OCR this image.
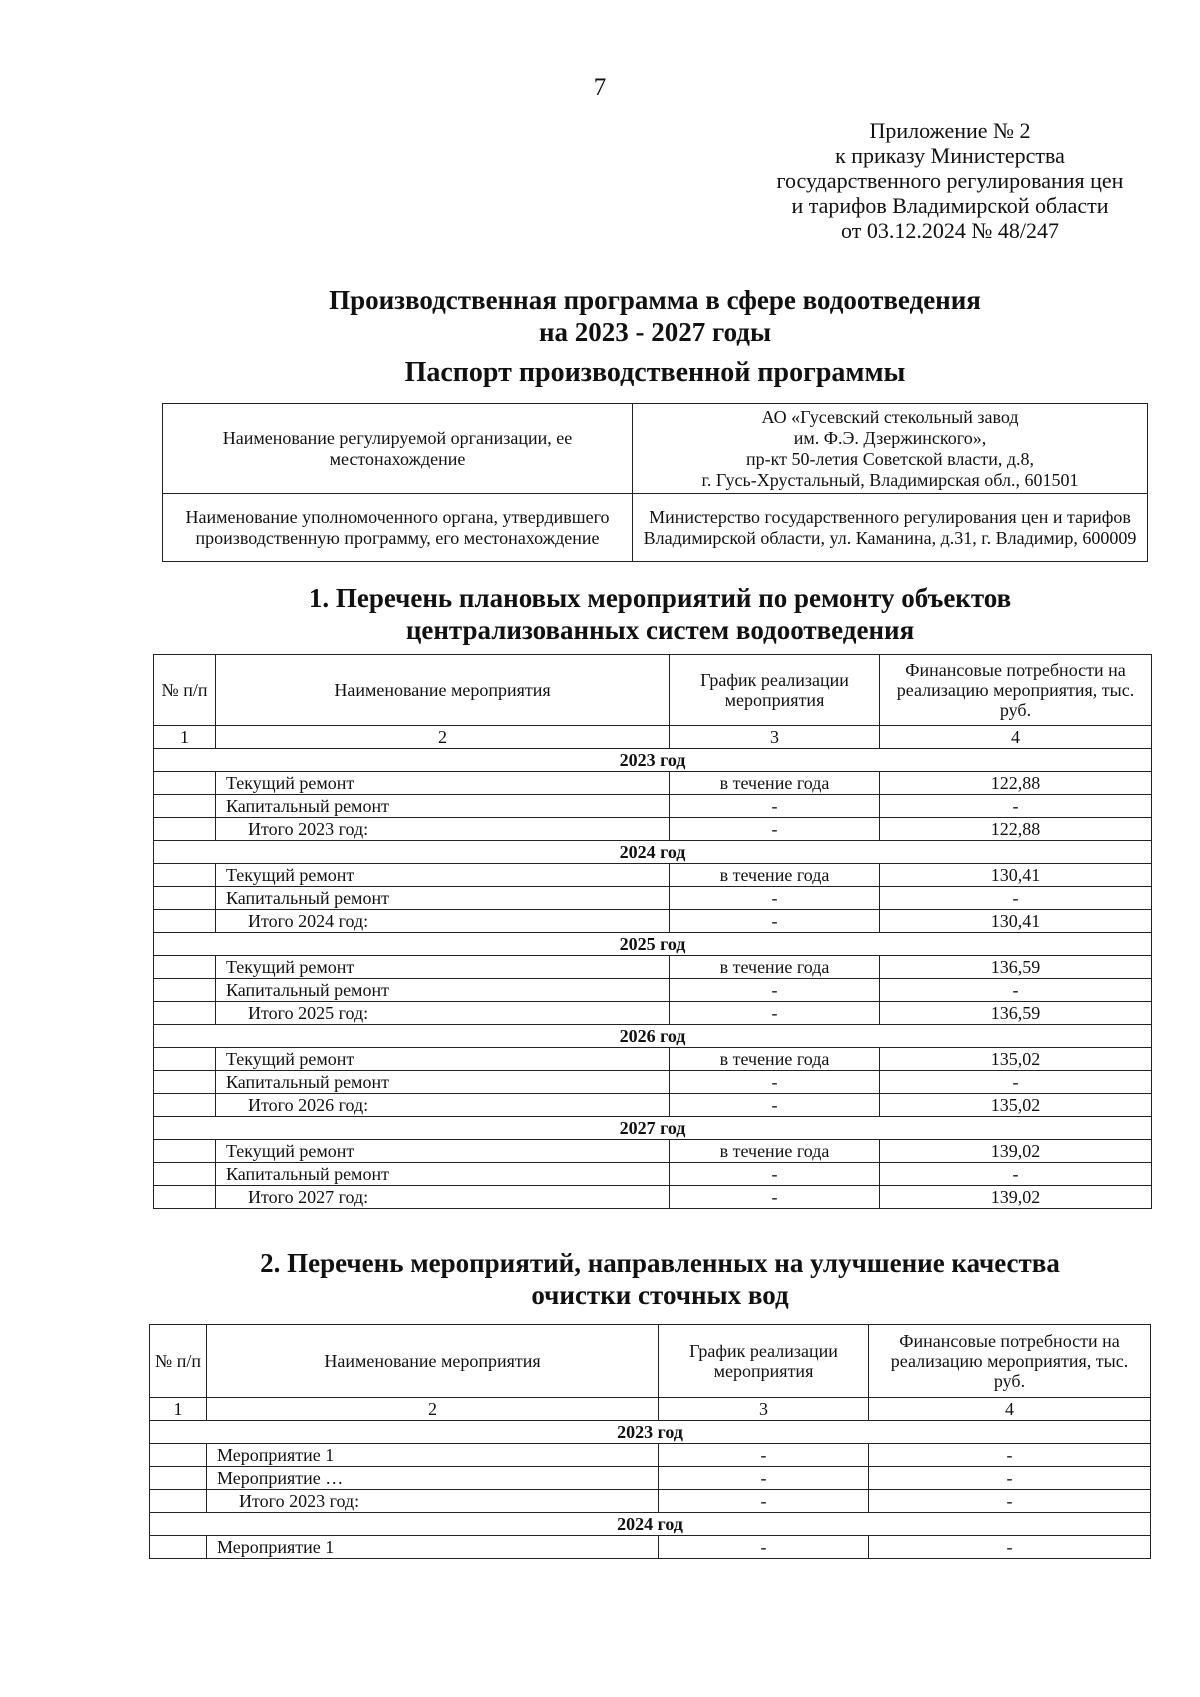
7
Приложение № 2
к приказу Министерства
государственного регулирования цен
и тарифов Владимирской области
от 03.12.2024 № 48/247
Производственная программа в сфере водоотведения
на 2023 - 2027 годы
Паспорт производственной программы
Наименование регулируемой организации, ее местонахождение	АО «Гусевский стекольный завод
им. Ф.Э. Дзержинского»,
пр-кт 50-летия Советской власти, д.8,
г. Гусь-Хрустальный, Владимирская обл., 601501

Наименование уполномоченного органа, утвердившего производственную программу, его местонахождение	Министерство государственного регулирования цен и тарифов Владимирской области, ул. Каманина, д.31, г. Владимир, 600009
1. Перечень плановых мероприятий по ремонту объектов
централизованных систем водоотведения
№ п/п	Наименование мероприятия	График реализации мероприятия	Финансовые потребности на реализацию мероприятия, тыс. руб.
1	2	3	4
2023 год			
	Текущий ремонт	в течение года	122,88
	Капитальный ремонт	-	-
	Итого 2023 год:	-	122,88
2024 год			
	Текущий ремонт	в течение года	130,41
	Капитальный ремонт	-	-
	Итого 2024 год:	-	130,41
2025 год			
	Текущий ремонт	в течение года	136,59
	Капитальный ремонт	-	-
	Итого 2025 год:	-	136,59
2026 год			
	Текущий ремонт	в течение года	135,02
	Капитальный ремонт	-	-
	Итого 2026 год:	-	135,02
2027 год			
	Текущий ремонт	в течение года	139,02
	Капитальный ремонт	-	-
	Итого 2027 год:	-	139,02
2. Перечень мероприятий, направленных на улучшение качества
очистки сточных вод
№ п/п	Наименование мероприятия	График реализации мероприятия	Финансовые потребности на реализацию мероприятия, тыс. руб.
1	2	3	4
2023 год			
	Мероприятие 1	-	-
	Мероприятие …	-	-
	Итого 2023 год:	-	-
2024 год			
	Мероприятие 1	-	-
